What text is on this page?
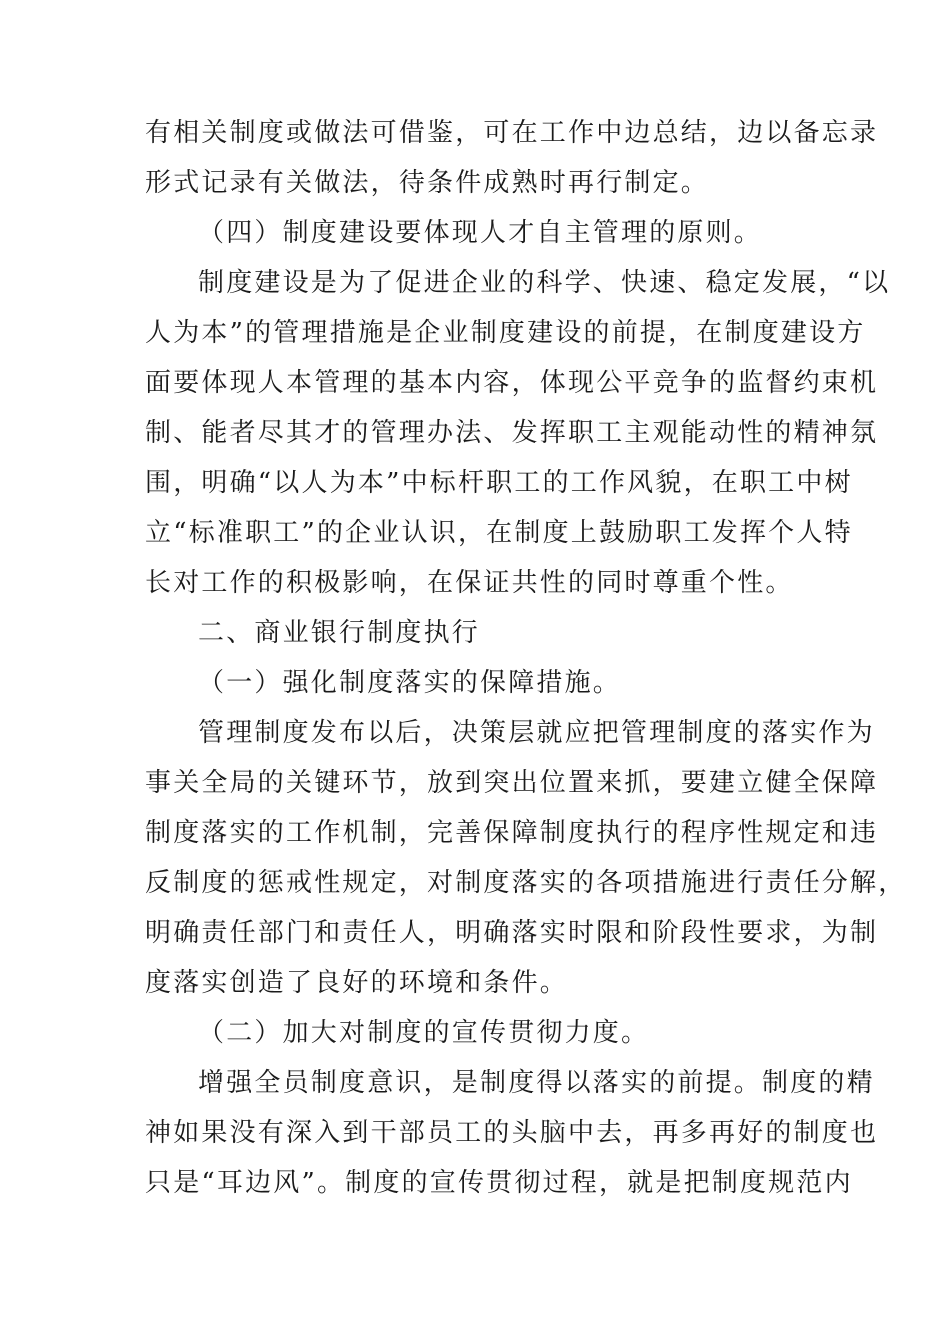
有相关制度或做法可借鉴，可在工作中边总结，边以备忘录
形式记录有关做法，待条件成熟时再行制定。
（四）制度建设要体现人才自主管理的原则。
制度建设是为了促进企业的科学、快速、稳定发展，“以
人为本”的管理措施是企业制度建设的前提，在制度建设方
面要体现人本管理的基本内容，体现公平竞争的监督约束机
制、能者尽其才的管理办法、发挥职工主观能动性的精神氛
围，明确“以人为本”中标杆职工的工作风貌，在职工中树
立“标准职工”的企业认识，在制度上鼓励职工发挥个人特
长对工作的积极影响，在保证共性的同时尊重个性。
二、商业银行制度执行
（一）强化制度落实的保障措施。
管理制度发布以后，决策层就应把管理制度的落实作为
事关全局的关键环节，放到突出位置来抓，要建立健全保障
制度落实的工作机制，完善保障制度执行的程序性规定和违
反制度的惩戒性规定，对制度落实的各项措施进行责任分解，
明确责任部门和责任人，明确落实时限和阶段性要求，为制
度落实创造了良好的环境和条件。
（二）加大对制度的宣传贯彻力度。
增强全员制度意识，是制度得以落实的前提。制度的精
神如果没有深入到干部员工的头脑中去，再多再好的制度也
只是“耳边风”。制度的宣传贯彻过程，就是把制度规范内
